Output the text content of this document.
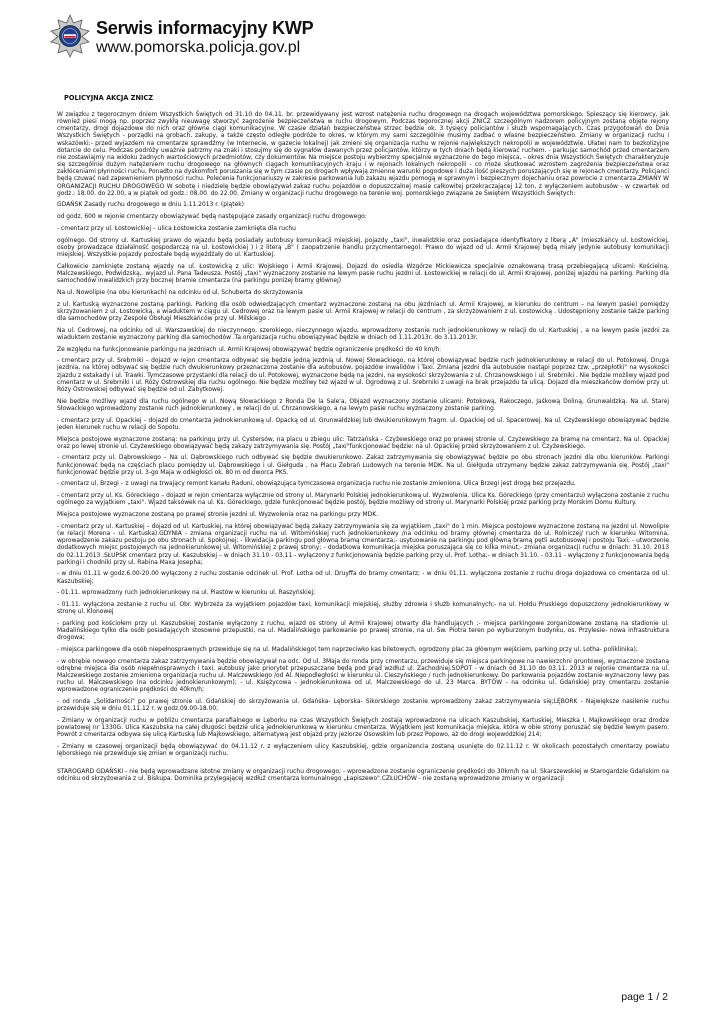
Serwis informacyjny KWP
www.pomorska.policja.gov.pl
POLICYJNA AKCJA ZNICZ

W związku z tegorocznym dniem Wszystkich Świętych od 31.10 do 04.11. br. przewidywany jest wzrost natężenia ruchu drogowego na drogach województwa pomorskiego. Spieszący się kierowcy, jak również piesi mogą np. poprzez zwykłą nieuwagę stworzyć zagrożenie bezpieczeństwa w ruchu drogowym. Podczas tegorocznej akcji ZNICZ szczególnym nadzorem policyjnym zostaną objęte rejony cmentarzy, drogi dojazdowe do nich oraz główne ciągi komunikacyjne. W czasie działań bezpieczeństwa strzec będzie ok. 3 tysięcy policjantów i służb wspomagających. Czas przygotowań do Dnia Wszystkich Świętych - porządki na grobach, zakupy, a także często odległe podróże to okres, w którym my sami szczególnie musimy zadbać o własne bezpieczeństwo. Zmiany w organizacji ruchu i wskazówki:- przed wyjazdem na cmentarze sprawdźmy (w Internecie, w gazecie lokalnej) jak zmieni się organizacja ruchu w rejonie największych nekropolii w województwie. Ułatwi nam to bezkolizyjne dotarcie do celu. Podczas podróży uważnie patrzmy na znaki i stosujmy się do sygnałów dawanych przez policjantów, którzy w tych dniach będą kierować ruchem. - parkując samochód przed cmentarzem nie zostawiajmy na widoku żadnych wartościowych przedmiotów, czy dokumentów. Na miejsce postoju wybierzmy specjalnie wyznaczone do tego miejsca, - okres dnia Wszystkich Świętych charakteryzuje się szczególnie dużym natężeniem ruchu drogowego na głównych ciągach komunikacyjnych kraju i w rejonach lokalnych nekropolii - co może skutkować wzrostem zagrożenia bezpieczeństwa oraz zakłóceniami płynności ruchu. Ponadto na dyskomfort poruszania się w tym czasie po drogach wpływają zmienne warunki pogodowe i duża ilość pieszych poruszających się w rejonach cmentarzy. Policjanci będą czuwać nad zapewnieniem płynności ruchu. Polecenia funkcjonariuszy w zakresie parkowania lub zakazu wjazdu pomogą w sprawnym i bezpiecznym dojechaniu oraz powrocie z cmentarza.ZMIANY W ORGANIZACJI RUCHU DROGOWEGO W sobotę i niedzielę będzie obowiązywał zakaz ruchu pojazdów o dopuszczalnej masie całkowitej przekraczającej 12 ton, z wyłączeniem autobusów - w czwartek od godz.: 18.00. do 22.00, a w piątek od godz.: 08.00. do 22.00. Zmiany w organizacji ruchu drogowego na terenie woj. pomorskiego związane ze Świętem Wszystkich Świętych:

GDAŃSK Zasady ruchu drogowego w dniu 1.11.2013 r. (piątek)

od godz. 600 w rejonie cmentarzy obowiązywać będą następujące zasady organizacji ruchu drogowego:

- cmentarz przy ul. Łostowickiej – ulica Łostowicka zostanie zamknięta dla ruchu

ogólnego. Od strony ul. Kartuskiej prawo do wjazdu będą posiadały autobusy komunikacji miejskiej, pojazdy „taxi", inwalidzkie oraz posiadające identyfikatory z literą „A" (mieszkańcy ul. Łostowickiej, osoby prowadzące działalność gospodarczą na ul. Łostowickiej ) i z literą „B" ( zaopatrzenie handlu przycmentarnego). Prawo do wjazd od ul. Armii Krajowej będą miały jedynie autobusy komunikacji miejskiej. Wszystkie pojazdy pozostałe będą wyjeżdżały do ul. Kartuskiej.

Całkowicie zamknięte zostaną wjazdy na ul. Łostowicką z ulic: Wojskiego i Armii Krajowej. Dojazd do osiedla Wzgórze Mickiewicza specjalnie oznakowaną trasą przebiegającą ulicami: Kościelną, Malczewskiego, Podwidzską,. wyjazd ul. Pana Tadeusza. Postój „taxi" wyznaczony zostanie na lewym pasie ruchu jezdni ul. Łostowickiej w relacji do ul. Armii Krajowej, poniżej wjazdu na parking. Parking dla samochodów inwalidzkich przy bocznej bramie cmentarza (na parkingu poniżej bramy głównej)

Na ul. Nowolipie (na obu kierunkach) na odcinku od ul. Schuberta do skrzyżowania

z ul. Kartuską wyznaczone zostaną parkingi. Parking dla osób odwiedzających cmentarz wyznaczone zostaną na obu jezdniach ul. Armii Krajowej, w kierunku do centrum – na lewym pasie) pomiędzy skrzyżowaniem z ul. Łostowicką, a wiaduktem w ciągu ul. Cedrowej oraz na lewym pasie ul. Armii Krajowej w relacji do centrum , za skrzyżowaniem z ul. Łostowicką . Udostępniony zostanie także parking dla samochodów przy Zespole Obsługi Mieszkańców przy ul. Milskiego .

Na ul. Cedrowej, na odcinku od ul. Warszawskiej do nieczynnego, szerokiego, nieczynnego wjazdu, wprowadzony zostanie ruch jednokierunkowy w relacji do ul. Kartuskiej , a na lewym pasie jezdni za wiaduktem zostanie wyznaczony parking dla samochodów .Ta organizacja ruchu obowiązywać będzie w dniach od 1.11.2013r. do 3.11.2013r.

Ze względu na funkcjonowanie parkingu na jezdniach ul. Armii Krajowej obowiązywać będzie ograniczenie prędkości do 40 km/h.

- cmentarz przy ul. Srebrniki – dojazd w rejon cmentarza odbywać się będzie jedną jezdnią ul. Nowej Słowackiego, na której obowiązywać będzie ruch jednokierunkowy w relacji do ul. Potokowej. Druga jezdnia, na której odbywać się będzie ruch dwukierunkowy przeznaczona zostanie dla autobusów, pojazdów inwalidów i Taxi. Zmiana jezdni dla autobusów nastąpi poprzez tzw. „przepłotki" na wysokości zjazdu z estakady i ul. Trawki. Tymczasowe przystanki dla relacji do ul. Potokowej, wyznaczone będą na jezdni, na wysokości skrzyżowania z ul. Chrzanowskiego i ul. Srebrniki . Nie będzie możliwy wjazd pod cmentarz w ul. Srebrniki i ul. Róży Ostrowskiej dla ruchu ogólnego. Nie będzie możliwy też wjazd w ul. Ogrodową z ul. Srebrniki z uwagi na brak przejazdu ta ulicą. Dojazd dla mieszkańców domów przy ul. Róży Ostrowskiej odbywać się będzie od ul. Zabytkowej.

Nie będzie możliwy wjazd dla ruchu ogólnego w ul. Nową Słowackiego z Ronda De la Sale'a, Objazd wyznaczony zostanie ulicami: Potokową, Rakoczego, Jaśkową Doliną, Grunwaldzką. Na ul. Starej Słowackiego wprowadzony zostanie ruch jednokierunkowy , w relacji do ul. Chrzanowskiego, a na lewym pasie ruchu wyznaczony zostanie parking.

- cmentarz przy ul. Opackiej – dojazd do cmentarza jednokierunkową ul. Opacką od ul. Grunwaldzkiej lub dwukierunkowym fragm. ul. Opackiej od ul. Spacerowej. Na ul. Czyżewskiego obowiązywać będzie jeden kierunek ruchu w relacji do Sopotu.

Miejsca postojowe wyznaczone zostaną: na parkingu przy ul. Cystersów, na placu u zbiegu ulic: Tatrzańska - Czyżewskiego oraz po prawej stronie ul. Czyżewskiego za bramą na cmentarz. Na ul. Opackiej oraz po lewej stronie ul. Czyżewskiego obowiązywać będą zakazy zatrzymywania się. Postój „taxi"funkcjonować będzie: na ul. Opackiej przed skrzyżowaniem z ul. Czyżewskiego.

- cmentarz przy ul. Dąbrowskiego – Na ul. Dąbrowskiego ruch odbywać się będzie dwukierunkowo. Zakaz zatrzymywania się obowiązywać będzie po obu stronach jezdni dla obu kierunków. Parkingi funkcjonować będą na częściach placu pomiędzy ul. Dąbrowskiego i ul. Giełguda , na Placu Zebrań Ludowych na terenie MDK. Na ul. Giełguda utrzymany będzie zakaz zatrzymywania się. Postój „taxi" funkcjonować będzie przy ul. 3-go Maja w odległości ok. 80 m od dworca PKS.

- cmentarz ul. Brzegi – z uwagi na trwający remont kanału Raduni, obowiązująca tymczasowa organizacja ruchu nie zostanie zmieniona. Ulica Brzegi jest drogą bez przejazdu.

- cmentarz przy ul. Ks. Góreckiego – dojazd w rejon cmentarza wyłącznie od strony ul. Marynarki Polskiej jednokierunkową ul. Wyzwolenia. Ulica Ks. Góreckiego (przy cmentarzu) wyłączona zostanie z ruchu ogólnego za wyjątkiem „taxi". Wjazd taksówek na ul. Ks. Góreckiego, gdzie funkcjonować będzie postój, będzie możliwy od strony ul. Marynarki Polskiej przez parking przy Morskim Domu Kultury.

Miejsca postojowe wyznaczone zostaną po prawej stronie jezdni ul. Wyzwolenia oraz na parkingu przy MDK.

- cmentarz przy ul. Kartuskiej – dojazd od ul. Kartuskiej, na której obowiązywać będą zakazy zatrzymywania się za wyjątkiem „taxi" do 1 min. Miejsca postojowe wyznaczone zostaną na jezdni ul. Nowolipie (w relacji Morena - ul. Kartuska).GDYNIA - zmiana organizacji ruchu na ul. Witomińskiej ruch jednokierunkowy /na odcinku od bramy głównej cmentarza do ul. Rolniczej/ ruch w kierunku Witomina, wprowadzenie zakazu postoju po obu stronach ul. Spokojnej; - likwidacja parkingu pod główną bramą cmentarza;- usytuowanie na parkingu pod główną bramą pętli autobusowej i postoju Taxi; - utworzenie dodatkowych miejsc postojowych na jednokierunkowej ul. Witomińskiej z prawej strony; - dodatkowa komunikacja miejska poruszająca się co kilka minut;- zmiana organizacji ruchu w dniach: 31.10. 2013 do 02.11.2013 .SŁUPSK cmentarz przy ul. Kaszubskiej – w dniach 31.10 - 03.11 - wyłączony z funkcjonowania będzie parking przy ul. Prof. Lotha;- w dniach 31.10. - 03.11 - wyłączony z funkcjonowania będą parkingi i chodniki przy ul. Rabina Maxa Josepha;

- w dniu 01.11 w godz.6.00-20.00 wyłączony z ruchu zostanie odcinek ul. Prof. Lotha od ul. Druyffa do bramy cmentarz; - w dniu 01.11. wyłączona zostanie z ruchu droga dojazdowa co cmentarza od ul. Kaszubskiej;

- 01.11. wprowadzony ruch jednokierunkowy na ul. Piastów w kierunku ul. Raszyńskiej;

- 01.11. wyłączona zostanie z ruchu ul. Obr. Wybrzeża za wyjątkiem pojazdów taxi, komunikacji miejskiej, służby zdrowia i służb komunalnych;- na ul. Hołdu Pruskiego dopuszczony jednokierunkowy w stronę ul. Klonowej

- parking pod kościołem przy ul. Kaszubskiej zostanie wyłączony z ruchu, wjazd os strony ul Armii Krajowej otwarty dla handlujących ;- miejsca parkingowe zorganizowane zostaną na stadionie ul. Madalińskiego tylko dla osób posiadających stosowne przepustki, na ul. Madalińskiego parkowanie po prawej stronie, na ul. Św. Piotra teren po wyburzonym budynku, os. Przylesie- nowa infrastruktura drogowa;

- miejsca parkingowe dla osób niepełnosprawnych przewiduje się na ul. Madalińskiego( tem naprzeciwko kas biletowych, ogrodzony plac za głównym wejściem, parking przy ul. Lotha- poliklinika);

- w obrębie nowego cmentarza zakaz zatrzymywania będzie obowiązywał na odc. Od ul. 3Maja do ronda przy cmentarzu, przewiduje się miejsca parkingowe na nawierzchni gruntowej, wyznaczone zostaną odrębne miejsca dla osób niepełnosprawnych i taxi, autobusy jako priorytet przepuszczane będą pod prąd wzdłuż ul. Zachodniej.SOPOT - w dniach od 31.10 do 03.11. 2013 w rejonie cmentarza na ul. Malczewskiego zostanie zmieniona organizacja ruchu ul. Malczewskiego /od Al. Niepodległości w kierunku ul. Cieszyńskiego / ruch jednokierunkowy. Do parkowania pojazdów zostanie wyznaczony lewy pas ruchu ul. Malczewskiego (na odcinku jednokierunkowym); - ul. Księżycowa - jednokierunkowa od ul. Malczewskiego do ul. 23 Marca. BYTÓW - na odcinku ul. Gdańskiej przy cmentarzu zostanie wprowadzone ograniczenie prędkości do 40km/h;

- od ronda „Solidarności" po prawej stronie ul. Gdańskiej do skrzyżowania ul. Gdańska- Lęborska- Sikorskiego zostanie wprowadzony zakaz zatrzymywania się;LĘBORK - Największe nasilenie ruchu przewiduje się w dniu 01.11.12 r. w godz.09.00-18.00;

- Zmiany w organizacji ruchu w pobliżu cmentarza parafialnego w Lęborku na czas Wszystkich Świętych zostają wprowadzone na ulicach Kaszubskiej, Kartuskiej, Mieszka I, Majkowskiego oraz drodze powiatowej nr 1330G. Ulica Kaszubska na całej długości będzie ulicą jednokierunkową w kierunku cmentarza. Wyjątkiem jest komunikacja miejska, która w obie strony poruszać się będzie lewym pasem. Powrót z cmentarza odbywa się ulicą Kartuską lub Majkowskiego, alternatywą jest objazd przy jeziorze Osowskim lub przez Popowo, aż do drogi wojewódzkiej 214;

- Zmiany w czasowej organizacji będą obowiązywać do 04.11.12 r. z wyłączeniem ulicy Kaszubskiej, gdzie organizencia zostaną usunięte do 02.11.12 r. W okolicach pozostałych cmentarzy powiatu lęborskiego nie przewiduje się zmian w organizacji ruchu.

STAROGARD GDAŃSKI - nie będą wprowadzane istotne zmiany w organizacji ruchu drogowego; - wprowadzone zostanie ograniczenie prędkości do 30km/h na ul. Skarszewskiej w Starogardzie Gdańskim na odcinku od skrzyżowania z ul. Biskupa. Dominika przylegającej wzdłuż cmentarza komunalnego „Łapiszewo".CZŁUCHÓW - nie zostaną wprowadzone zmiany w organizacji

page 1 / 2
